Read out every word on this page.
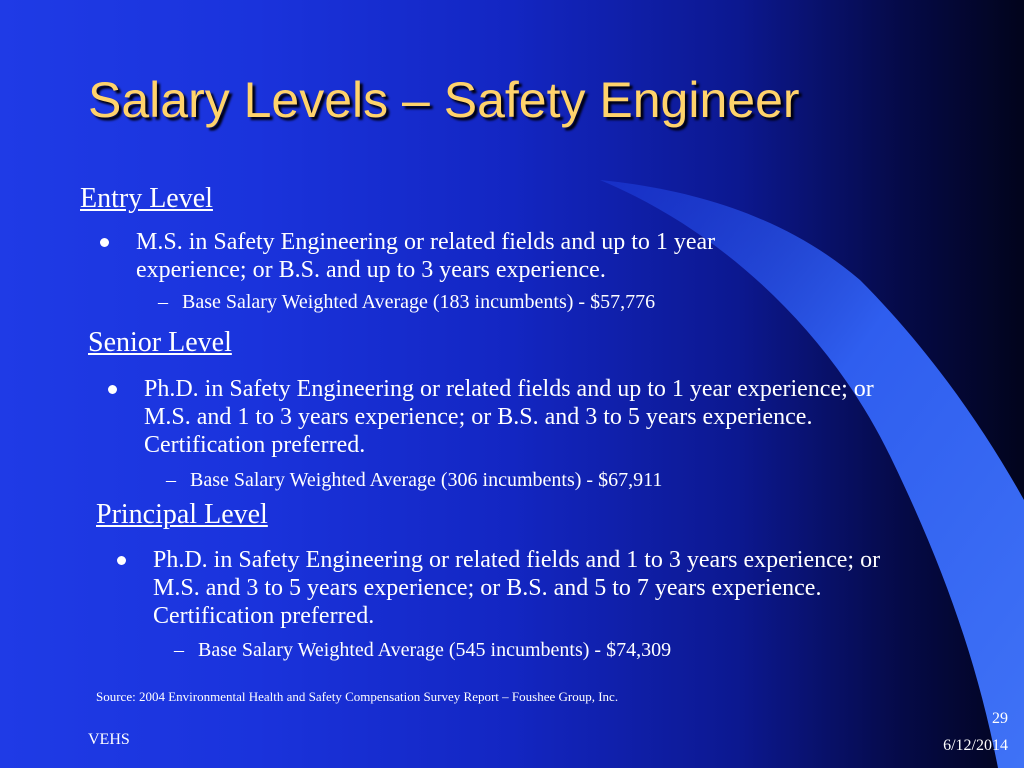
Salary Levels – Safety Engineer
Entry Level
M.S. in Safety Engineering or related fields and up to 1 year experience; or B.S. and up to 3 years experience.
– Base Salary Weighted Average (183 incumbents) - $57,776
Senior Level
Ph.D. in Safety Engineering or related fields and up to 1 year experience; or M.S. and 1 to 3 years experience; or B.S. and 3 to 5 years experience. Certification preferred.
– Base Salary Weighted Average (306 incumbents) - $67,911
Principal Level
Ph.D. in Safety Engineering or related fields and 1 to 3 years experience; or M.S. and 3 to 5 years experience; or B.S. and 5 to 7 years experience. Certification preferred.
– Base Salary Weighted Average (545 incumbents) - $74,309
Source: 2004 Environmental Health and Safety Compensation Survey Report – Foushee Group, Inc.
VEHS
29
6/12/2014
